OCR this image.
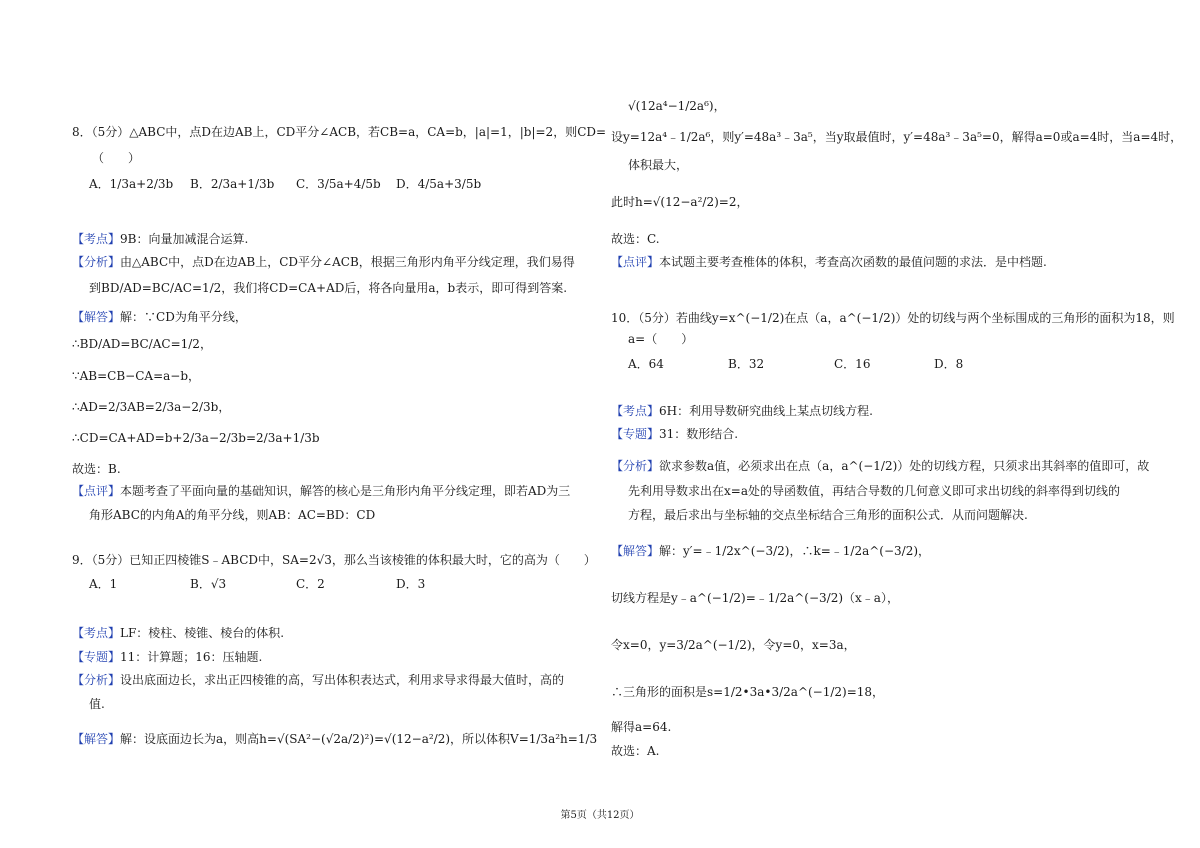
8．（5分）△ABC中，点D在边AB上，CD平分∠ACB，若CB=a，CA=b，|a|=1，|b|=2，则CD=
（　　）
A．1/3a+2/3b B．2/3a+1/3b C．3/5a+4/5b D．4/5a+3/5b
【考点】9B：向量加减混合运算.
【分析】由△ABC中，点D在边AB上，CD平分∠ACB，根据三角形内角平分线定理，我们易得
到BD/AD=BC/AC=1/2，我们将CD=CA+AD后，将各向量用a，b表示，即可得到答案.
【解答】解：∵CD为角平分线，
∴BD/AD=BC/AC=1/2，
∵AB=CB−CA=a−b，
∴AD=2/3AB=2/3a−2/3b，
∴CD=CA+AD=b+2/3a−2/3b=2/3a+1/3b
故选：B.
【点评】本题考查了平面向量的基础知识，解答的核心是三角形内角平分线定理，即若AD为三
角形ABC的内角A的角平分线，则AB：AC=BD：CD
9．（5分）已知正四棱锥S﹣ABCD中，SA=2√3，那么当该棱锥的体积最大时，它的高为（　　）
A．1	B．√3	C．2	D．3
【考点】LF：棱柱、棱锥、棱台的体积.
【专题】11：计算题；16：压轴题.
【分析】设出底面边长，求出正四棱锥的高，写出体积表达式，利用求导求得最大值时，高的
值.
【解答】解：设底面边长为a，则高h=√(SA²−(√2a/2)²)=√(12−a²/2)，所以体积V=1/3a²h=1/3
√(12a⁴−1/2a⁶)，
设y=12a⁴﹣1/2a⁶，则y′=48a³﹣3a⁵，当y取最值时，y′=48a³﹣3a⁵=0，解得a=0或a=4时，当a=4时，
体积最大，
此时h=√(12−a²/2)=2，
故选：C.
【点评】本试题主要考查椎体的体积，考查高次函数的最值问题的求法．是中档题.
10．（5分）若曲线y=x^(−1/2)在点（a，a^(−1/2)）处的切线与两个坐标围成的三角形的面积为18，则
a=（　　）
A．64	B．32	C．16	D．8
【考点】6H：利用导数研究曲线上某点切线方程.
【专题】31：数形结合.
【分析】欲求参数a值，必须求出在点（a，a^(−1/2)）处的切线方程，只须求出其斜率的值即可，故
先利用导数求出在x=a处的导函数值，再结合导数的几何意义即可求出切线的斜率得到切线的
方程，最后求出与坐标轴的交点坐标结合三角形的面积公式．从而问题解决.
【解答】解：y′=﹣1/2x^(−3/2)，∴k=﹣1/2a^(−3/2)，
切线方程是y﹣a^(−1/2)=﹣1/2a^(−3/2)（x﹣a），
令x=0，y=3/2a^(−1/2)，令y=0，x=3a，
∴三角形的面积是s=1/2•3a•3/2a^(−1/2)=18，
解得a=64.
故选：A.
第5页（共12页）
